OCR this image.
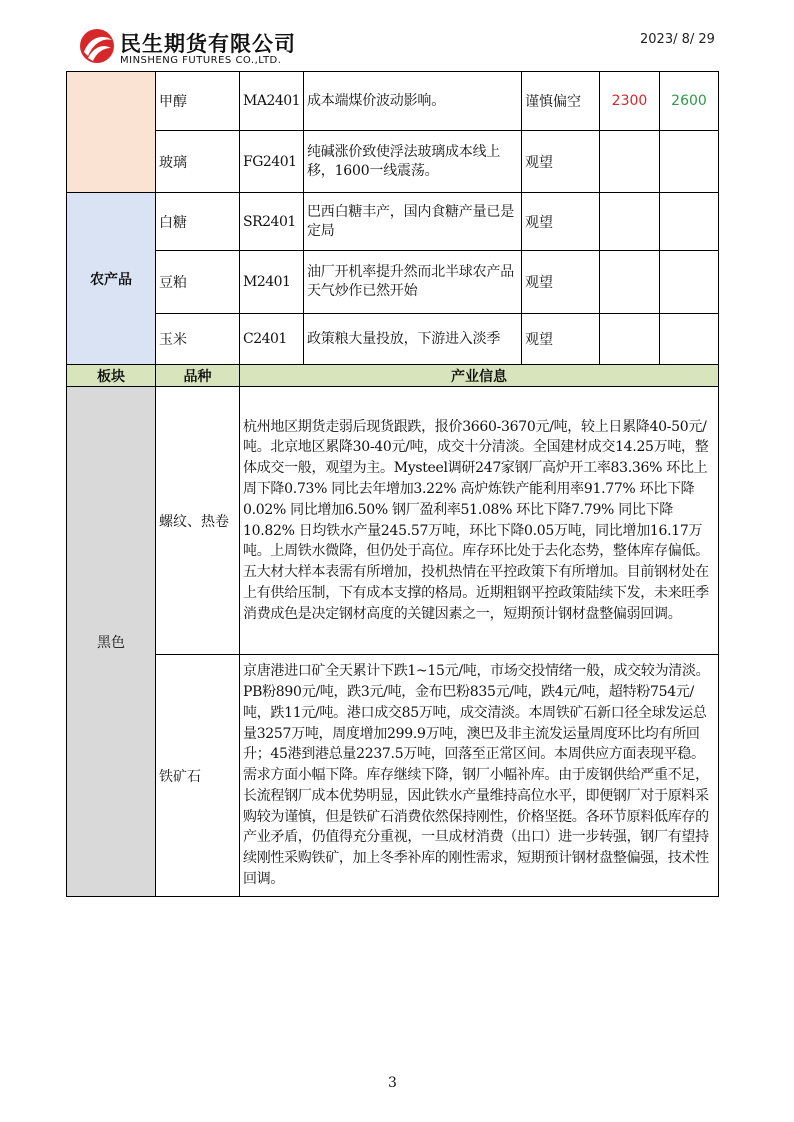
民生期货有限公司
MINSHENG FUTURES CO.,LTD.
2023/ 8/ 29
	甲醇	MA2401	成本端煤价波动影响。	谨慎偏空	2300	2600
	玻璃	FG2401	纯碱涨价致使浮法玻璃成本线上移，1600一线震荡。	观望		
农产品	白糖	SR2401	巴西白糖丰产，国内食糖产量已是定局	观望		
	豆粕	M2401	油厂开机率提升然而北半球农产品天气炒作已然开始	观望		
	玉米	C2401	政策粮大量投放，下游进入淡季	观望		
板块	品种	产业信息				
黑色	螺纹、热卷	杭州地区期货走弱后现货跟跌，报价3660-3670元/吨，较上日累降40-50元/吨。北京地区累降30-40元/吨，成交十分清淡。全国建材成交14.25万吨，整体成交一般，观望为主。Mysteel调研247家钢厂高炉开工率83.36% 环比上周下降0.73% 同比去年增加3.22% 高炉炼铁产能利用率91.77% 环比下降0.02% 同比增加6.50% 钢厂盈利率51.08% 环比下降7.79% 同比下降10.82% 日均铁水产量245.57万吨，环比下降0.05万吨，同比增加16.17万吨。上周铁水微降，但仍处于高位。库存环比处于去化态势，整体库存偏低。五大材大样本表需有所增加，投机热情在平控政策下有所增加。目前钢材处在上有供给压制，下有成本支撑的格局。近期粗钢平控政策陆续下发，未来旺季消费成色是决定钢材高度的关键因素之一，短期预计钢材盘整偏弱回调。				
	铁矿石	京唐港进口矿全天累计下跌1~15元/吨，市场交投情绪一般，成交较为清淡。PB粉890元/吨，跌3元/吨，金布巴粉835元/吨，跌4元/吨，超特粉754元/吨，跌11元/吨。港口成交85万吨，成交清淡。本周铁矿石新口径全球发运总量3257万吨，周度增加299.9万吨，澳巴及非主流发运量周度环比均有所回升；45港到港总量2237.5万吨，回落至正常区间。本周供应方面表现平稳。需求方面小幅下降。库存继续下降，钢厂小幅补库。由于废钢供给严重不足，长流程钢厂成本优势明显，因此铁水产量维持高位水平，即便钢厂对于原料采购较为谨慎，但是铁矿石消费依然保持刚性，价格坚挺。各环节原料低库存的产业矛盾，仍值得充分重视，一旦成材消费（出口）进一步转强，钢厂有望持续刚性采购铁矿，加上冬季补库的刚性需求，短期预计钢材盘整偏强，技术性回调。				
3
